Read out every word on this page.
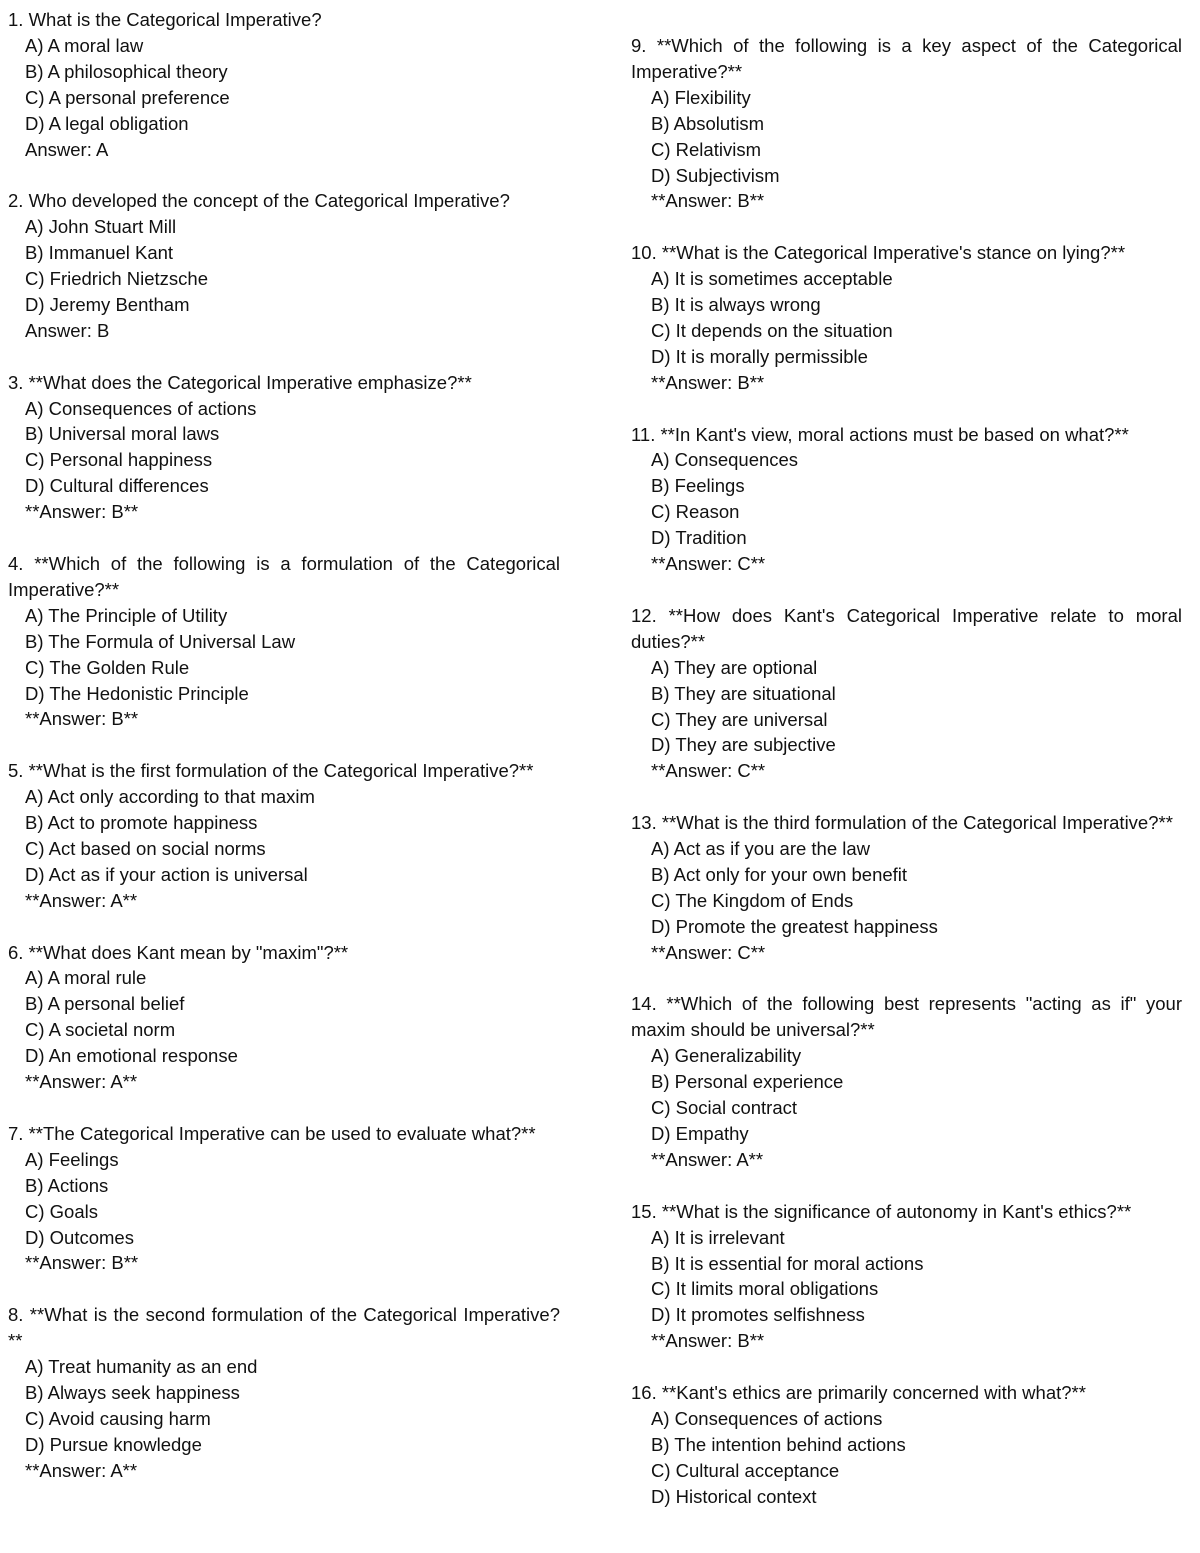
1. What is the Categorical Imperative?
A) A moral law
B) A philosophical theory
C) A personal preference
D) A legal obligation
Answer: A
2. Who developed the concept of the Categorical Imperative?
A) John Stuart Mill
B) Immanuel Kant
C) Friedrich Nietzsche
D) Jeremy Bentham
Answer: B
3. **What does the Categorical Imperative emphasize?**
A) Consequences of actions
B) Universal moral laws
C) Personal happiness
D) Cultural differences
**Answer: B**
4. **Which of the following is a formulation of the Categorical Imperative?**
A) The Principle of Utility
B) The Formula of Universal Law
C) The Golden Rule
D) The Hedonistic Principle
**Answer: B**
5. **What is the first formulation of the Categorical Imperative?**
A) Act only according to that maxim
B) Act to promote happiness
C) Act based on social norms
D) Act as if your action is universal
**Answer: A**
6. **What does Kant mean by "maxim"?**
A) A moral rule
B) A personal belief
C) A societal norm
D) An emotional response
**Answer: A**
7. **The Categorical Imperative can be used to evaluate what?**
A) Feelings
B) Actions
C) Goals
D) Outcomes
**Answer: B**
8. **What is the second formulation of the Categorical Imperative?**
A) Treat humanity as an end
B) Always seek happiness
C) Avoid causing harm
D) Pursue knowledge
**Answer: A**
9. **Which of the following is a key aspect of the Categorical Imperative?**
A) Flexibility
B) Absolutism
C) Relativism
D) Subjectivism
**Answer: B**
10. **What is the Categorical Imperative's stance on lying?**
A) It is sometimes acceptable
B) It is always wrong
C) It depends on the situation
D) It is morally permissible
**Answer: B**
11. **In Kant's view, moral actions must be based on what?**
A) Consequences
B) Feelings
C) Reason
D) Tradition
**Answer: C**
12. **How does Kant's Categorical Imperative relate to moral duties?**
A) They are optional
B) They are situational
C) They are universal
D) They are subjective
**Answer: C**
13. **What is the third formulation of the Categorical Imperative?**
A) Act as if you are the law
B) Act only for your own benefit
C) The Kingdom of Ends
D) Promote the greatest happiness
**Answer: C**
14. **Which of the following best represents "acting as if" your maxim should be universal?**
A) Generalizability
B) Personal experience
C) Social contract
D) Empathy
**Answer: A**
15. **What is the significance of autonomy in Kant's ethics?**
A) It is irrelevant
B) It is essential for moral actions
C) It limits moral obligations
D) It promotes selfishness
**Answer: B**
16. **Kant's ethics are primarily concerned with what?**
A) Consequences of actions
B) The intention behind actions
C) Cultural acceptance
D) Historical context
